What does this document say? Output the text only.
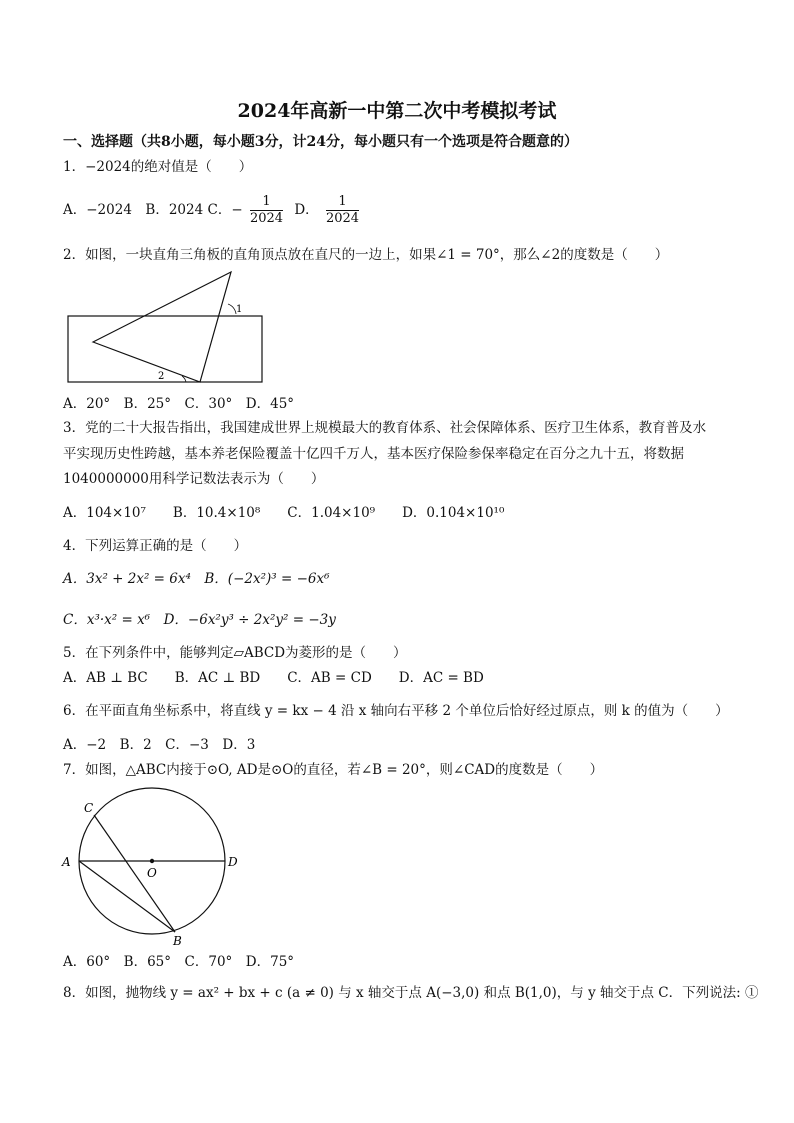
2024年高新一中第二次中考模拟考试
一、选择题（共8小题，每小题3分，计24分，每小题只有一个选项是符合题意的）
1．−2024的绝对值是（　　）
A．−2024　B．2024 C．− $\frac{1}{2024}$ D． $\frac{1}{2024}$
2．如图，一块直角三角板的直角顶点放在直尺的一边上，如果∠1 = 70°，那么∠2的度数是（　　）
1
2
A．20°　B．25°　C．30°　D．45°
3．党的二十大报告指出，我国建成世界上规模最大的教育体系、社会保障体系、医疗卫生体系，教育普及水
平实现历史性跨越，基本养老保险覆盖十亿四千万人，基本医疗保险参保率稳定在百分之九十五，将数据
1040000000用科学记数法表示为（　　）
A．104×10⁷　　B．10.4×10⁸　　C．1.04×10⁹　　D．0.104×10¹⁰
4．下列运算正确的是（　　）
A．3x² + 2x² = 6x⁴　B．(−2x²)³ = −6x⁶
C．x³·x² = x⁶　D．−6x²y³ ÷ 2x²y² = −3y
5．在下列条件中，能够判定▱ABCD为菱形的是（　　）
A．AB ⊥ BC　　B．AC ⊥ BD　　C．AB = CD　　D．AC = BD
6．在平面直角坐标系中，将直线 y = kx − 4 沿 x 轴向右平移 2 个单位后恰好经过原点，则 k 的值为（　　）
A．−2　B．2　C．−3　D．3
7．如图，△ABC内接于⊙O, AD是⊙O的直径，若∠B = 20°，则∠CAD的度数是（　　）
A
C
D
O
B
A．60°　B．65°　C．70°　D．75°
8．如图，抛物线 y = ax² + bx + c (a ≠ 0) 与 x 轴交于点 A(−3,0) 和点 B(1,0)，与 y 轴交于点 C．下列说法: ①
